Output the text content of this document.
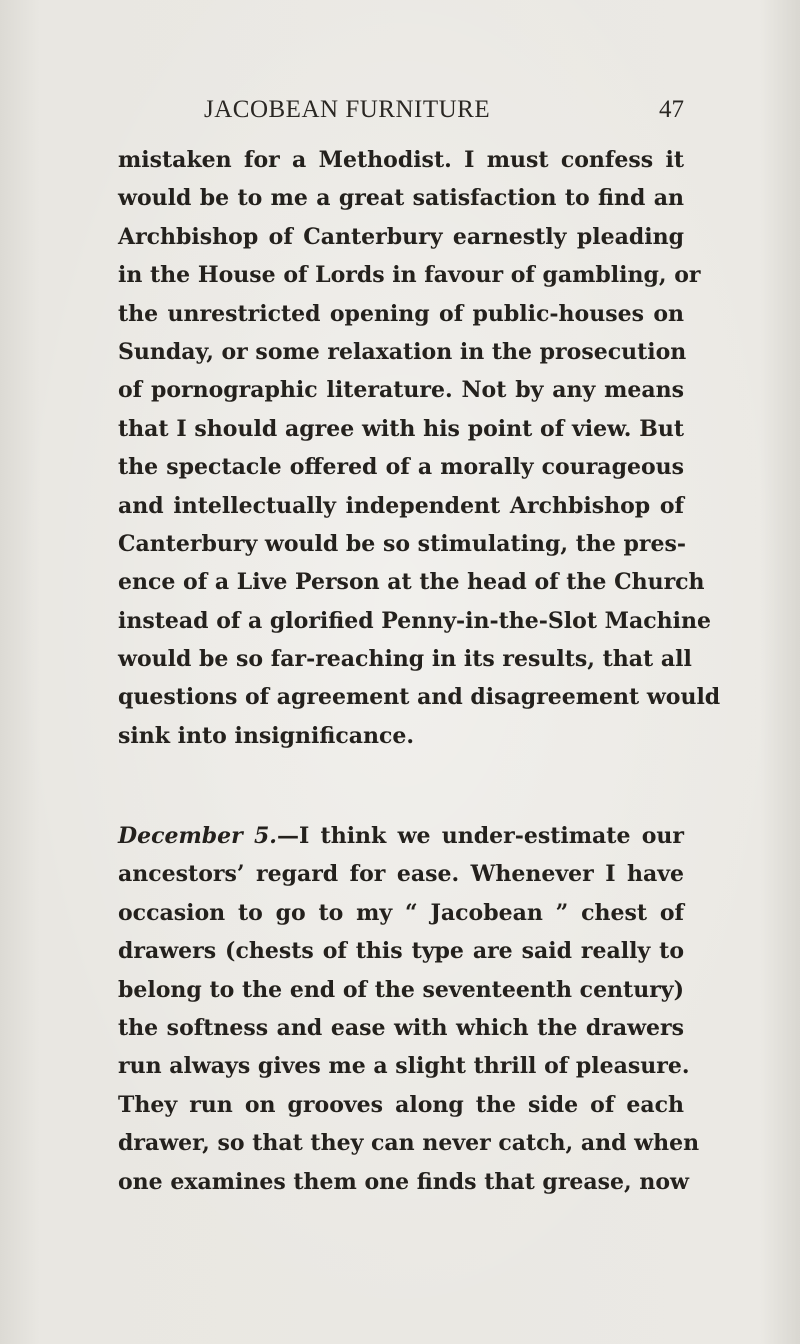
JACOBEAN FURNITURE	47
mistaken for a Methodist. I must confess it
would be to me a great satisfaction to find an
Archbishop of Canterbury earnestly pleading
in the House of Lords in favour of gambling, or
the unrestricted opening of public-houses on
Sunday, or some relaxation in the prosecution
of pornographic literature. Not by any means
that I should agree with his point of view. But
the spectacle offered of a morally courageous
and intellectually independent Archbishop of
Canterbury would be so stimulating, the pres-
ence of a Live Person at the head of the Church
instead of a glorified Penny-in-the-Slot Machine
would be so far-reaching in its results, that all
questions of agreement and disagreement would
sink into insignificance.
December 5.—I think we under-estimate our
ancestors’ regard for ease. Whenever I have
occasion to go to my “ Jacobean ” chest of
drawers (chests of this type are said really to
belong to the end of the seventeenth century)
the softness and ease with which the drawers
run always gives me a slight thrill of pleasure.
They run on grooves along the side of each
drawer, so that they can never catch, and when
one examines them one finds that grease, now
